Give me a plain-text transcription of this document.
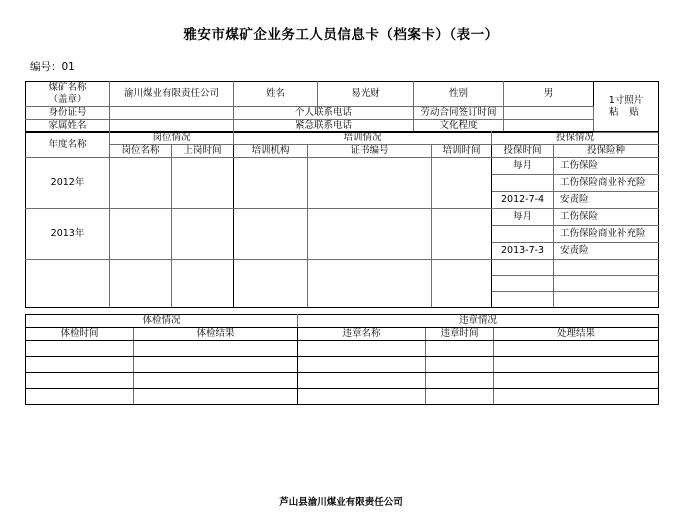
雅安市煤矿企业务工人员信息卡（档案卡）（表一）
编号：01
煤矿名称
（盖章）
	渝川煤业有限责任公司	姓名	易光财	性别	男	
1寸照片
粘 贴

身份证号		个人联系电话		劳动合同签订时间		
家属姓名		紧急联系电话		文化程度		
年度名称	岗位情况		培训情况			投保情况	
	岗位名称	上岗时间	培训机构	证书编号	培训时间	投保时间	投保险种
2012年						每月	工伤保险
							工伤保险商业补充险
						2012-7-4	安责险
2013年						每月	工伤保险
							工伤保险商业补充险
						2013-7-3	安责险

体检情况		违章情况		
体检时间	体检结果	违章名称	违章时间	处理结果

芦山县渝川煤业有限责任公司
